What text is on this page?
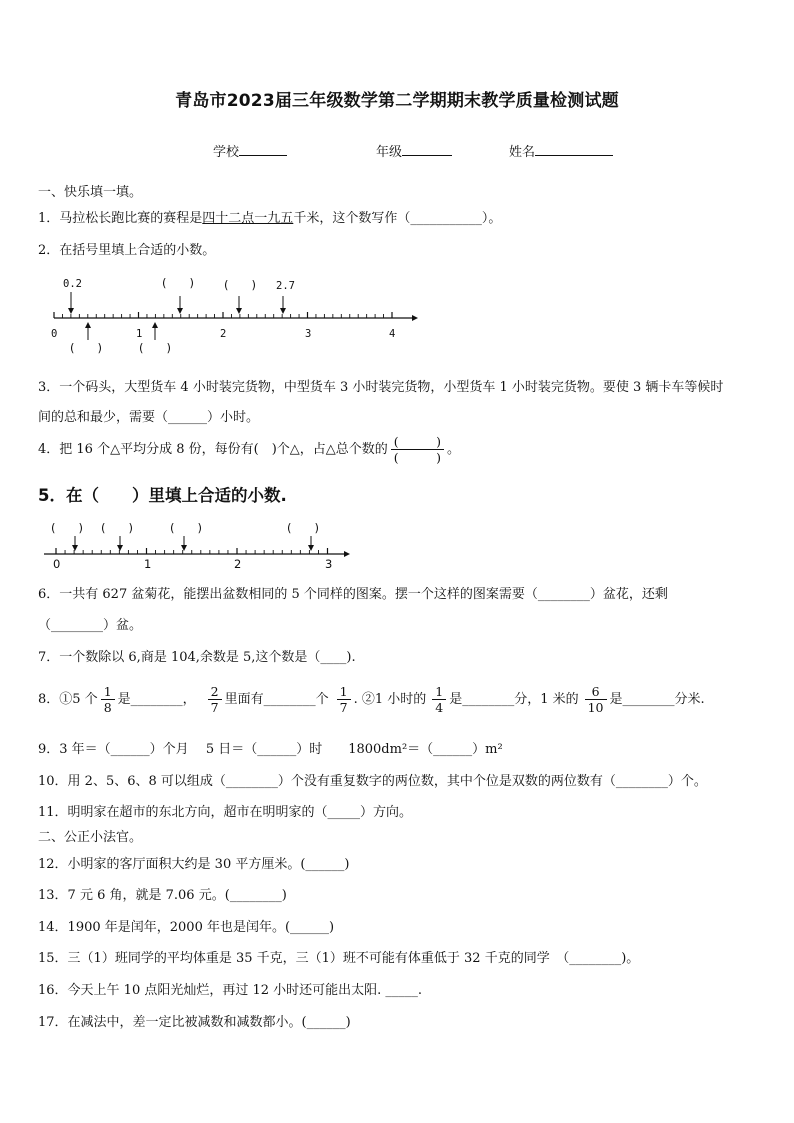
青岛市2023届三年级数学第二学期期末教学质量检测试题
学校	年级	姓名
一、快乐填一填。
1．马拉松长跑比赛的赛程是四十二点一九五千米，这个数写作（___________）。
2．在括号里填上合适的小数。
0	1	2	3	4
0.2	(　　)	(　　) 2.7
(　　)	(　　)
3．一个码头，大型货车 4 小时装完货物，中型货车 3 小时装完货物，小型货车 1 小时装完货物。要使 3 辆卡车等候时
间的总和最少，需要（______）小时。
4．把 16 个△平均分成 8 份，每份有(　)个△，占△总个数的 $\frac{( )}{( )}$ 。
5．在（　　）里填上合适的小数.
0	1	2	3
(　　) (　　)	(　　)	(　　)
6．一共有 627 盆菊花，能摆出盆数相同的 5 个同样的图案。摆一个这样的图案需要（________）盆花，还剩
（________）盆。
7．一个数除以 6,商是 104,余数是 5,这个数是（____).
8．①5 个 $\frac{1}{8}$ 是________， $\frac{2}{7}$ 里面有________个 $\frac{1}{7}$ . ②1 小时的 $\frac{1}{4}$ 是________分，1 米的 $\frac{6}{10}$ 是________分米.
9．3 年＝（______）个月　 5 日＝（______）时　　1800dm²＝（______）m²
10．用 2、5、6、8 可以组成（________）个没有重复数字的两位数，其中个位是双数的两位数有（________）个。
11．明明家在超市的东北方向，超市在明明家的（_____）方向。
二、公正小法官。
12．小明家的客厅面积大约是 30 平方厘米。(______)
13．7 元 6 角，就是 7.06 元。(________)
14．1900 年是闰年，2000 年也是闰年。(______)
15．三（1）班同学的平均体重是 35 千克，三（1）班不可能有体重低于 32 千克的同学　（________)。
16．今天上午 10 点阳光灿烂，再过 12 小时还可能出太阳. _____.
17．在减法中，差一定比被减数和减数都小。(______)
